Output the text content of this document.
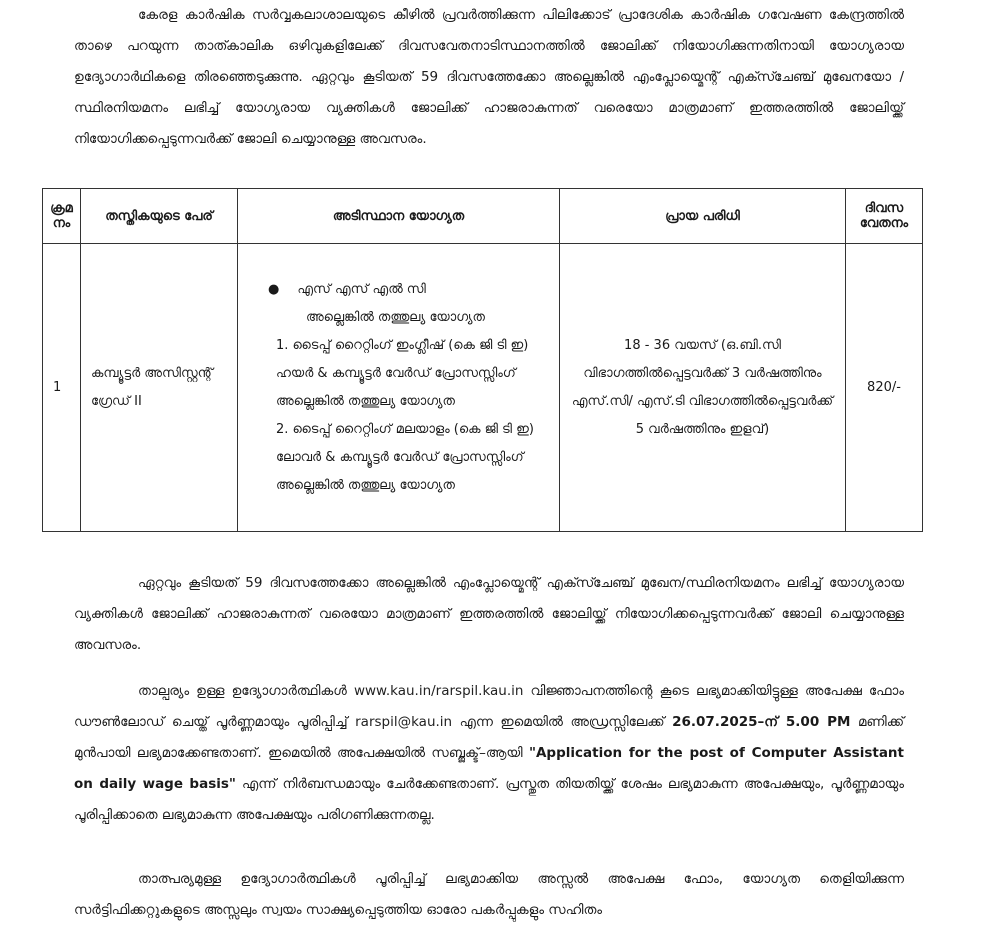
കേരള കാർഷിക സർവ്വകലാശാലയുടെ കീഴിൽ പ്രവർത്തിക്കുന്ന പിലിക്കോട് പ്രാദേശിക കാർഷിക ഗവേഷണ കേന്ദ്രത്തിൽ താഴെ പറയുന്ന താത്കാലിക ഒഴിവുകളിലേക്ക് ദിവസവേതനാടിസ്ഥാനത്തിൽ ജോലിക്ക് നിയോഗിക്കുന്നതിനായി യോഗ്യരായ ഉദ്യോഗാർഥികളെ തിരഞ്ഞെടുക്കുന്നു. ഏറ്റവും കൂടിയത് 59 ദിവസത്തേക്കോ അല്ലെങ്കിൽ എംപ്ലോയ്മെന്റ് എക്സ്ചേഞ്ച് മുഖേനയോ /സ്ഥിരനിയമനം ലഭിച്ച് യോഗ്യരായ വ്യക്തികൾ ജോലിക്ക് ഹാജരാകുന്നത് വരെയോ മാത്രമാണ് ഇത്തരത്തിൽ ജോലിയ്ക്ക് നിയോഗിക്കപ്പെടുന്നവർക്ക് ജോലി ചെയ്യാനുള്ള അവസരം.
ക്രമ നം	തസ്തികയുടെ പേര്	അടിസ്ഥാന യോഗ്യത	പ്രായ പരിധി	ദിവസ വേതനം
1	കമ്പ്യൂട്ടർ അസിസ്റ്റന്റ് ഗ്രേഡ് II	● എസ് എസ് എൽ സി
അല്ലെങ്കിൽ തത്തുല്യ യോഗ്യത
1. ടൈപ്പ് റൈറ്റിംഗ് ഇംഗ്ലീഷ് (കെ ജി ടി ഇ) ഹയർ & കമ്പ്യൂട്ടർ വേർഡ് പ്രോസസ്സിംഗ് അല്ലെങ്കിൽ തത്തുല്യ യോഗ്യത
2. ടൈപ്പ് റൈറ്റിംഗ് മലയാളം (കെ ജി ടി ഇ) ലോവർ & കമ്പ്യൂട്ടർ വേർഡ് പ്രോസസ്സിംഗ് അല്ലെങ്കിൽ തത്തുല്യ യോഗ്യത	18 - 36 വയസ് (ഒ.ബി.സി വിഭാഗത്തിൽപ്പെട്ടവർക്ക് 3 വർഷത്തിനും എസ്.സി/ എസ്.ടി വിഭാഗത്തിൽപ്പെട്ടവർക്ക് 5 വർഷത്തിനും ഇളവ്)	820/-
ഏറ്റവും കൂടിയത് 59 ദിവസത്തേക്കോ അല്ലെങ്കിൽ എംപ്ലോയ്മെന്റ് എക്സ്ചേഞ്ച് മുഖേന/സ്ഥിരനിയമനം ലഭിച്ച് യോഗ്യരായ വ്യക്തികൾ ജോലിക്ക് ഹാജരാകുന്നത് വരെയോ മാത്രമാണ് ഇത്തരത്തിൽ ജോലിയ്ക്ക് നിയോഗിക്കപ്പെടുന്നവർക്ക് ജോലി ചെയ്യാനുള്ള അവസരം.
താല്പര്യം ഉള്ള ഉദ്യോഗാർത്ഥികൾ www.kau.in/rarspil.kau.in വിജ്ഞാപനത്തിന്റെ കൂടെ ലഭ്യമാക്കിയിട്ടുള്ള അപേക്ഷ ഫോം ഡൗൺലോഡ് ചെയ്ത് പൂർണ്ണമായും പൂരിപ്പിച്ച് rarspil@kau.in എന്ന ഇമെയിൽ അഡ്രസ്സിലേക്ക് 26.07.2025–ന് 5.00 PM മണിക്ക് മുൻപായി ലഭ്യമാക്കേണ്ടതാണ്. ഇമെയിൽ അപേക്ഷയിൽ സബ്ജക്ട്–ആയി "Application for the post of Computer Assistant on daily wage basis" എന്ന് നിർബന്ധമായും ചേർക്കേണ്ടതാണ്. പ്രസ്തുത തിയതിയ്ക്ക് ശേഷം ലഭ്യമാകുന്ന അപേക്ഷയും, പൂർണ്ണമായും പൂരിപ്പിക്കാതെ ലഭ്യമാകുന്ന അപേക്ഷയും പരിഗണിക്കുന്നതല്ല.
താത്പര്യമുള്ള ഉദ്യോഗാർത്ഥികൾ പൂരിപ്പിച്ച് ലഭ്യമാക്കിയ അസ്സൽ അപേക്ഷ ഫോം, യോഗ്യത തെളിയിക്കുന്ന സർട്ടിഫിക്കറ്റുകളുടെ അസ്സലും സ്വയം സാക്ഷ്യപ്പെടുത്തിയ ഓരോ പകർപ്പുകളും സഹിതം
